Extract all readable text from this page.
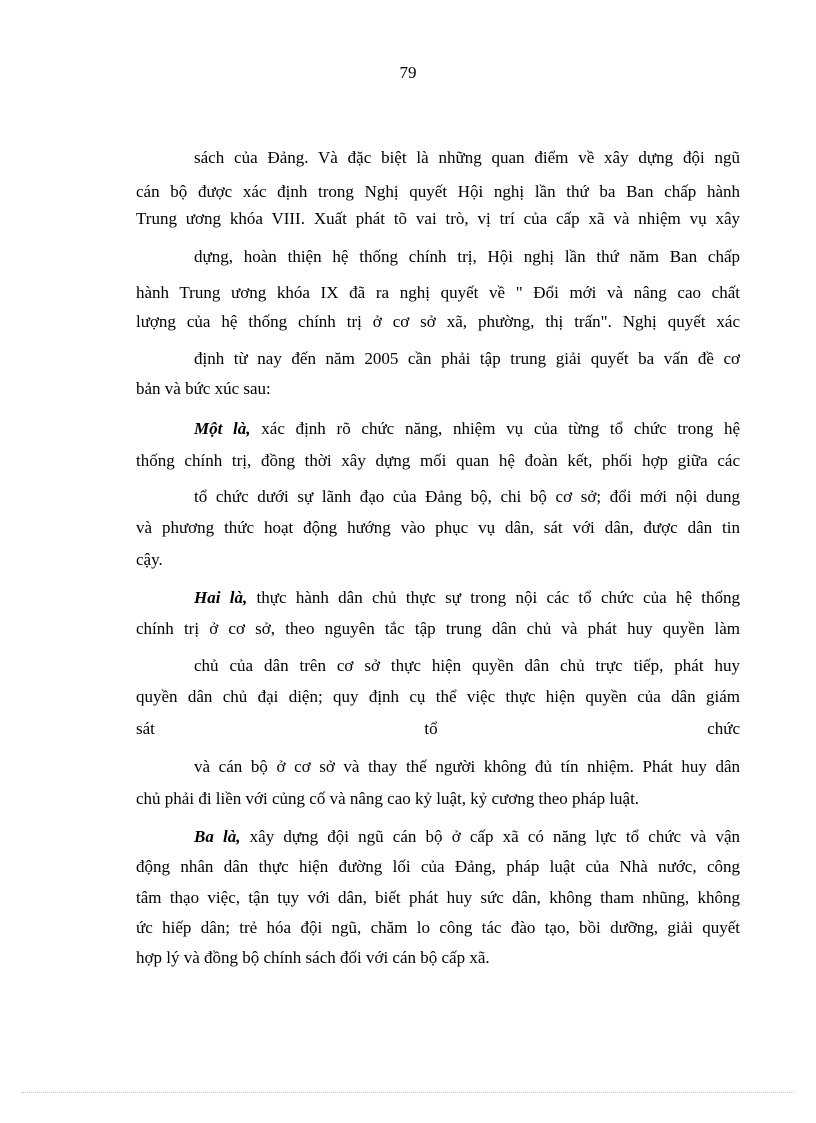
79
sách của Đảng. Và đặc biệt là những quan điểm về xây dựng đội ngũ
cán bộ được xác định trong Nghị quyết Hội nghị lần thứ ba Ban chấp hành
Trung ương khóa VIII. Xuất phát tõ vai trò, vị trí của cấp xã và nhiệm vụ xây
dựng, hoàn thiện hệ thống chính trị, Hội nghị lần thứ năm Ban chấp
hành Trung ương khóa IX đã ra nghị quyết về " Đổi mới và nâng cao chất
lượng của hệ thống chính trị ở cơ sở xã, phường, thị trấn". Nghị quyết xác
định từ nay đến năm 2005 cần phải tập trung giải quyết ba vấn đề cơ
bản và bức xúc sau:
Một là, xác định rõ chức năng, nhiệm vụ của từng tổ chức trong hệ
thống chính trị, đồng thời xây dựng mối quan hệ đoàn kết, phối hợp giữa các
tổ chức dưới sự lãnh đạo của Đảng bộ, chi bộ cơ sở; đổi mới nội dung
và phương thức hoạt động hướng vào phục vụ dân, sát với dân, được dân tin
cậy.
Hai là, thực hành dân chủ thực sự trong nội các tổ chức của hệ thống
chính trị ở cơ sở, theo nguyên tắc tập trung dân chủ và phát huy quyền làm
chủ của dân trên cơ sở thực hiện quyền dân chủ trực tiếp, phát huy
quyền dân chủ đại diện; quy định cụ thể việc thực hiện quyền của dân giám
sát tổ chức
và cán bộ ở cơ sở và thay thế người không đủ tín nhiệm. Phát huy dân
chủ phải đi liền với củng cố và nâng cao kỷ luật, kỷ cương theo pháp luật.
Ba là, xây dựng đội ngũ cán bộ ở cấp xã có năng lực tổ chức và vận
động nhân dân thực hiện đường lối của Đảng, pháp luật của Nhà nước, công
tâm thạo việc, tận tụy với dân, biết phát huy sức dân, không tham nhũng, không
ức hiếp dân; trẻ hóa đội ngũ, chăm lo công tác đào tạo, bồi dưỡng, giải quyết
hợp lý và đồng bộ chính sách đối với cán bộ cấp xã.
